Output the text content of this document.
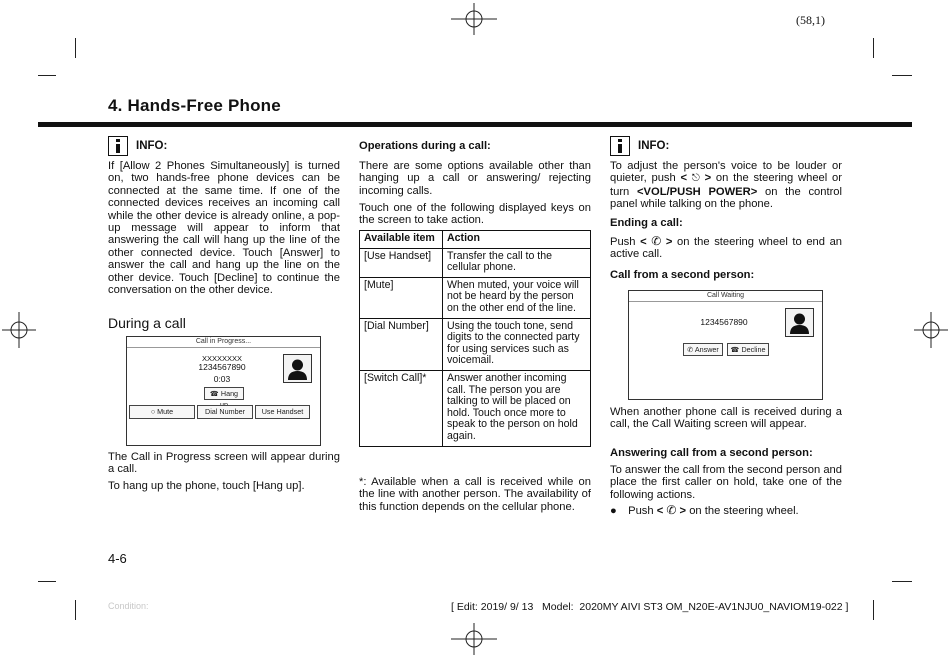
(58,1)
4. Hands-Free Phone
INFO:
If [Allow 2 Phones Simultaneously] is turned on, two hands-free phone devices can be connected at the same time. If one of the connected devices receives an incoming call while the other device is already online, a pop-up message will appear to inform that answering the call will hang up the line of the other connected device. Touch [Answer] to answer the call and hang up the line on the other device. Touch [Decline] to continue the conversation on the other device.
During a call
Call in Progress...
XXXXXXXX
1234567890
0:03
☎ Hang
○ Mute	Dial Number	Use Handset
The Call in Progress screen will appear during a call.
To hang up the phone, touch [Hang up].
Operations during a call:
There are some options available other than hanging up a call or answering/ rejecting incoming calls.
Touch one of the following displayed keys on the screen to take action.
Available item	Action
[Use Handset]	Transfer the call to the cellular phone.
[Mute]	When muted, your voice will not be heard by the person on the other end of the line.
[Dial Number]	Using the touch tone, send digits to the connected party for using services such as voicemail.
[Switch Call]*	Answer another incoming call. The person you are talking to will be placed on hold. Touch once more to speak to the person on hold again.
*: Available when a call is received while on the line with another person. The availability of this function depends on the cellular phone.
INFO:
To adjust the person's voice to be louder or quieter, push < ⎋ > on the steering wheel or turn <VOL/PUSH POWER> on the control panel while talking on the phone.
Ending a call:
Push < ✆ > on the steering wheel to end an active call.
Call from a second person:
Call Waiting
1234567890
✆ Answer	☎ Decline
When another phone call is received during a call, the Call Waiting screen will appear.
Answering call from a second person:
To answer the call from the second person and place the first caller on hold, take one of the following actions.
● Push < ✆ > on the steering wheel.
4-6
Condition:	[ Edit: 2019/ 9/ 13   Model:  2020MY AIVI ST3 OM_N20E-AV1NJU0_NAVIOM19-022 ]
